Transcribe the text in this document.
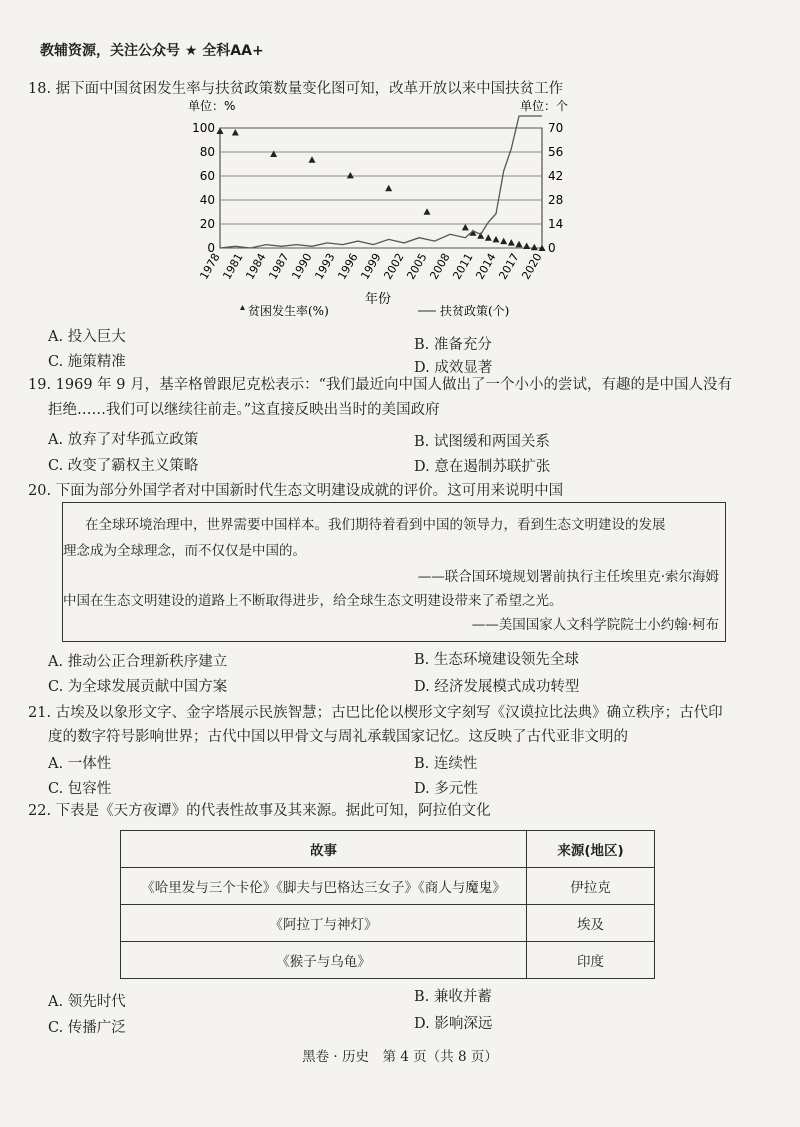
教辅资源，关注公众号 ★ 全科AA+
18. 据下面中国贫困发生率与扶贫政策数量变化图可知，改革开放以来中国扶贫工作
单位：%	单位：个
0
20
40
60
80
100
0
14
28
42
56
70
1978
1981
1984
1987
1990
1993
1996
1999
2002
2005
2008
2011
2014
2017
2020
年份
贫困发生率(%)	扶贫政策(个)
A. 投入巨大	B. 准备充分
C. 施策精准	D. 成效显著
19. 1969 年 9 月，基辛格曾跟尼克松表示：“我们最近向中国人做出了一个小小的尝试，有趣的是中国人没有
拒绝……我们可以继续往前走。”这直接反映出当时的美国政府
A. 放弃了对华孤立政策	B. 试图缓和两国关系
C. 改变了霸权主义策略	D. 意在遏制苏联扩张
20. 下面为部分外国学者对中国新时代生态文明建设成就的评价。这可用来说明中国
在全球环境治理中，世界需要中国样本。我们期待着看到中国的领导力，看到生态文明建设的发展
理念成为全球理念，而不仅仅是中国的。
——联合国环境规划署前执行主任埃里克·索尔海姆
中国在生态文明建设的道路上不断取得进步，给全球生态文明建设带来了希望之光。
——美国国家人文科学院院士小约翰·柯布
A. 推动公正合理新秩序建立	B. 生态环境建设领先全球
C. 为全球发展贡献中国方案	D. 经济发展模式成功转型
21. 古埃及以象形文字、金字塔展示民族智慧；古巴比伦以楔形文字刻写《汉谟拉比法典》确立秩序；古代印
度的数字符号影响世界；古代中国以甲骨文与周礼承载国家记忆。这反映了古代亚非文明的
A. 一体性	B. 连续性
C. 包容性	D. 多元性
22. 下表是《天方夜谭》的代表性故事及其来源。据此可知，阿拉伯文化
故事	来源(地区)
《哈里发与三个卡伦》《脚夫与巴格达三女子》《商人与魔鬼》	伊拉克
《阿拉丁与神灯》	埃及
《猴子与乌龟》	印度
A. 领先时代	B. 兼收并蓄
C. 传播广泛	D. 影响深远
黑卷 · 历史　第 4 页（共 8 页）
